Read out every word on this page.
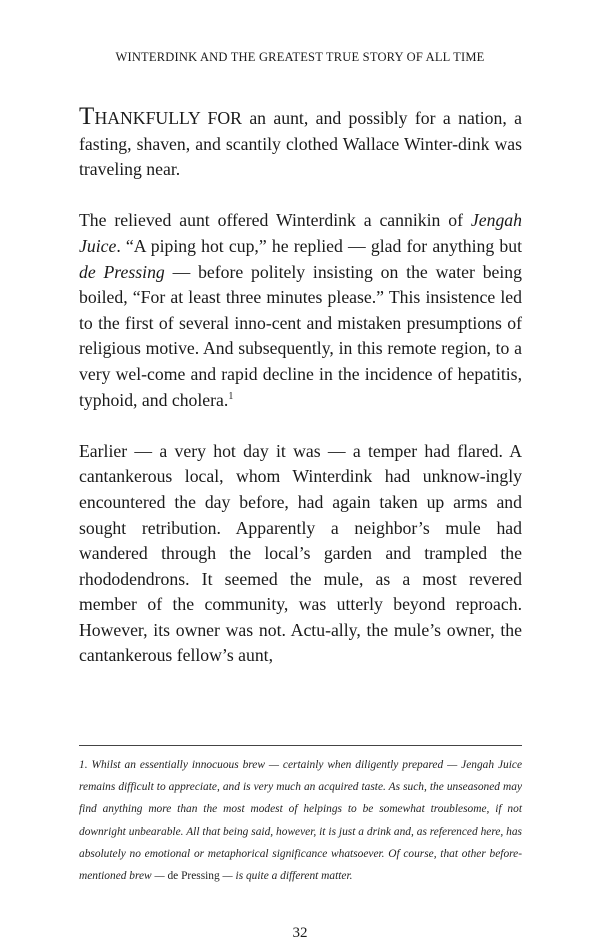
WINTERDINK AND THE GREATEST TRUE STORY OF ALL TIME

THANKFULLY FOR an aunt, and possibly for a nation, a fasting, shaven, and scantily clothed Wallace Winter-dink was traveling near.

The relieved aunt offered Winterdink a cannikin of Jengah Juice. “A piping hot cup,” he replied — glad for anything but de Pressing — before politely insisting on the water being boiled, “For at least three minutes please.” This insistence led to the first of several inno-cent and mistaken presumptions of religious motive. And subsequently, in this remote region, to a very wel-come and rapid decline in the incidence of hepatitis, typhoid, and cholera.$^1$

Earlier — a very hot day it was — a temper had flared. A cantankerous local, whom Winterdink had unknow-ingly encountered the day before, had again taken up arms and sought retribution. Apparently a neighbor’s mule had wandered through the local’s garden and trampled the rhododendrons. It seemed the mule, as a most revered member of the community, was utterly beyond reproach. However, its owner was not. Actu-ally, the mule’s owner, the cantankerous fellow’s aunt,

1. Whilst an essentially innocuous brew — certainly when diligently prepared — Jengah Juice remains difficult to appreciate, and is very much an acquired taste. As such, the unseasoned may find anything more than the most modest of helpings to be somewhat troublesome, if not downright unbearable. All that being said, however, it is just a drink and, as referenced here, has absolutely no emotional or metaphorical significance whatsoever. Of course, that other before-mentioned brew — de Pressing — is quite a different matter.
32
